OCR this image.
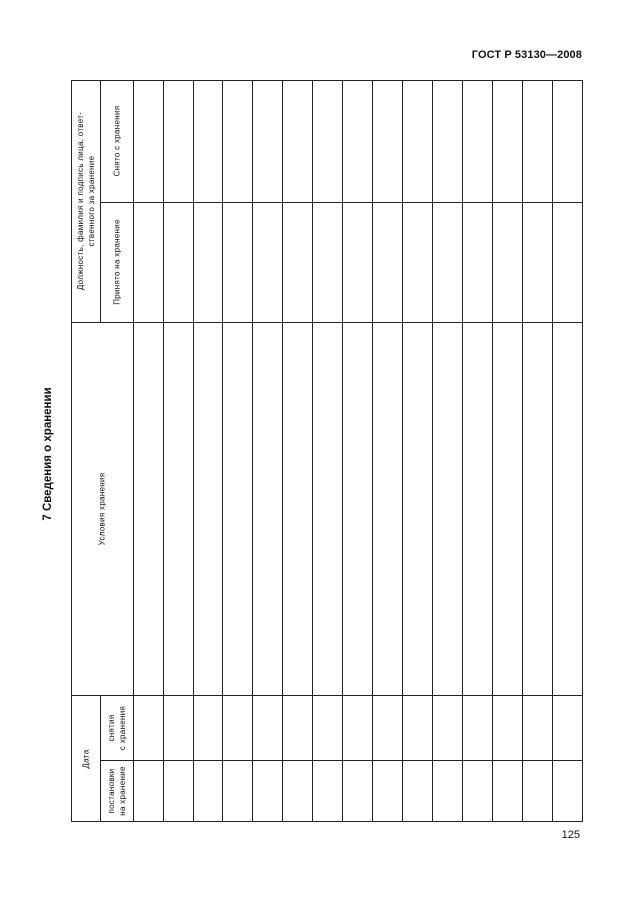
ГОСТ Р 53130—2008
7 Сведения о хранении
Дата
постановки на хранение
снятия с хранения
Условия хранения
Должность, фамилия и подпись лица, ответ- ственного за хранение
Принято на хранение
Снято с хранения
125
